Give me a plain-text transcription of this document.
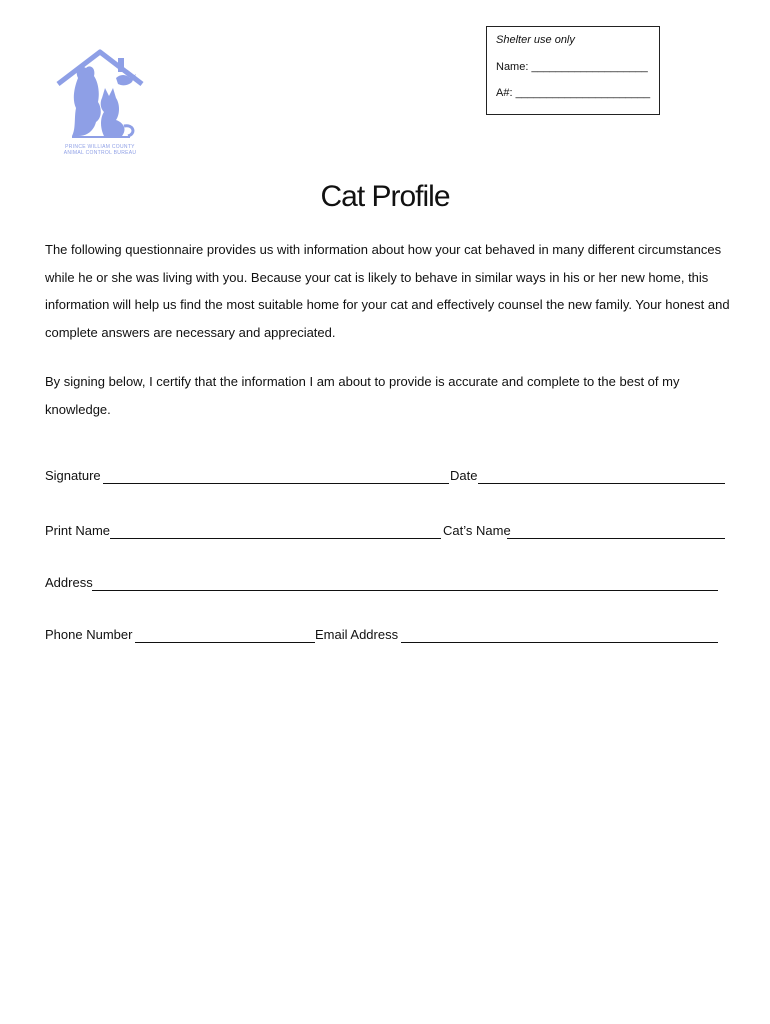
PRINCE WILLIAM COUNTY
ANIMAL CONTROL BUREAU
Shelter use only
Name: ___________________
A#: ______________________
Cat Profile
The following questionnaire provides us with information about how your cat behaved in many different circumstances while he or she was living with you. Because your cat is likely to behave in similar ways in his or her new home, this information will help us find the most suitable home for your cat and effectively counsel the new family. Your honest and complete answers are necessary and appreciated.
By signing below, I certify that the information I am about to provide is accurate and complete to the best of my knowledge.
Signature	Date
Print Name	Cat’s Name
Address
Phone Number	Email Address
